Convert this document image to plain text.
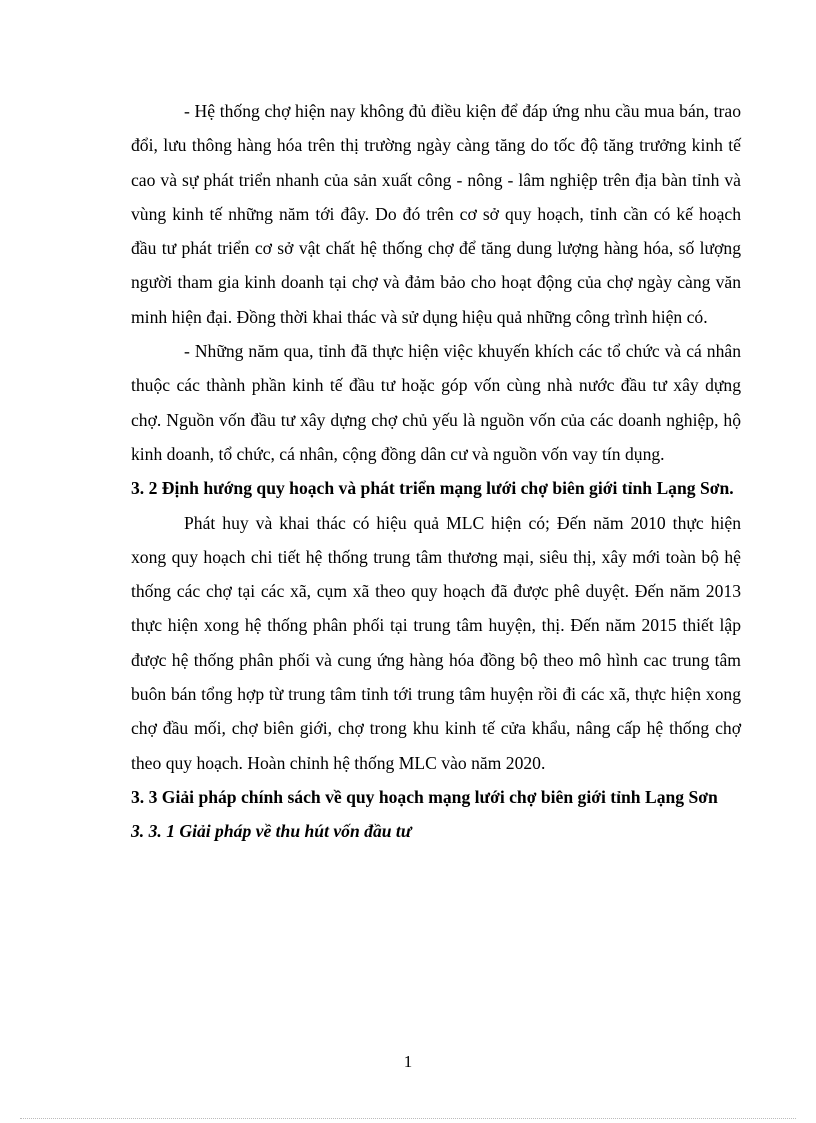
- Hệ thống chợ hiện nay không đủ điều kiện để đáp ứng nhu cầu mua bán, trao đổi, lưu thông hàng hóa trên thị trường ngày càng tăng do tốc độ tăng trưởng kinh tế cao và sự phát triển nhanh của sản xuất công - nông - lâm nghiệp trên địa bàn tỉnh và vùng kinh tế những năm tới đây. Do đó trên cơ sở quy hoạch, tỉnh cần có kế hoạch đầu tư phát triển cơ sở vật chất hệ thống chợ để tăng dung lượng hàng hóa, số lượng người tham gia kinh doanh tại chợ và đảm bảo cho hoạt động của chợ ngày càng văn minh hiện đại. Đồng thời khai thác và sử dụng hiệu quả những công trình hiện có.

- Những năm qua, tỉnh đã thực hiện việc khuyến khích các tổ chức và cá nhân thuộc các thành phần kinh tế đầu tư hoặc góp vốn cùng nhà nước đầu tư xây dựng chợ. Nguồn vốn đầu tư xây dựng chợ chủ yếu là nguồn vốn của các doanh nghiệp, hộ kinh doanh, tổ chức, cá nhân, cộng đồng dân cư và nguồn vốn vay tín dụng.

3. 2 Định hướng quy hoạch và phát triển mạng lưới chợ biên giới tỉnh Lạng Sơn.

Phát huy và khai thác có hiệu quả MLC hiện có; Đến năm 2010 thực hiện xong quy hoạch chi tiết hệ thống trung tâm thương mại, siêu thị, xây mới toàn bộ hệ thống các chợ tại các xã, cụm xã theo quy hoạch đã được phê duyệt. Đến năm 2013 thực hiện xong hệ thống phân phối tại trung tâm huyện, thị. Đến năm 2015 thiết lập được hệ thống phân phối và cung ứng hàng hóa đồng bộ theo mô hình cac trung tâm buôn bán tổng hợp từ trung tâm tỉnh tới trung tâm huyện rồi đi các xã, thực hiện xong chợ đầu mối, chợ biên giới, chợ trong khu kinh tế cửa khẩu, nâng cấp hệ thống chợ theo quy hoạch. Hoàn chỉnh hệ thống MLC vào năm 2020.

3. 3 Giải pháp chính sách về quy hoạch mạng lưới chợ biên giới tỉnh Lạng Sơn

3. 3. 1 Giải pháp về thu hút vốn đầu tư

1
